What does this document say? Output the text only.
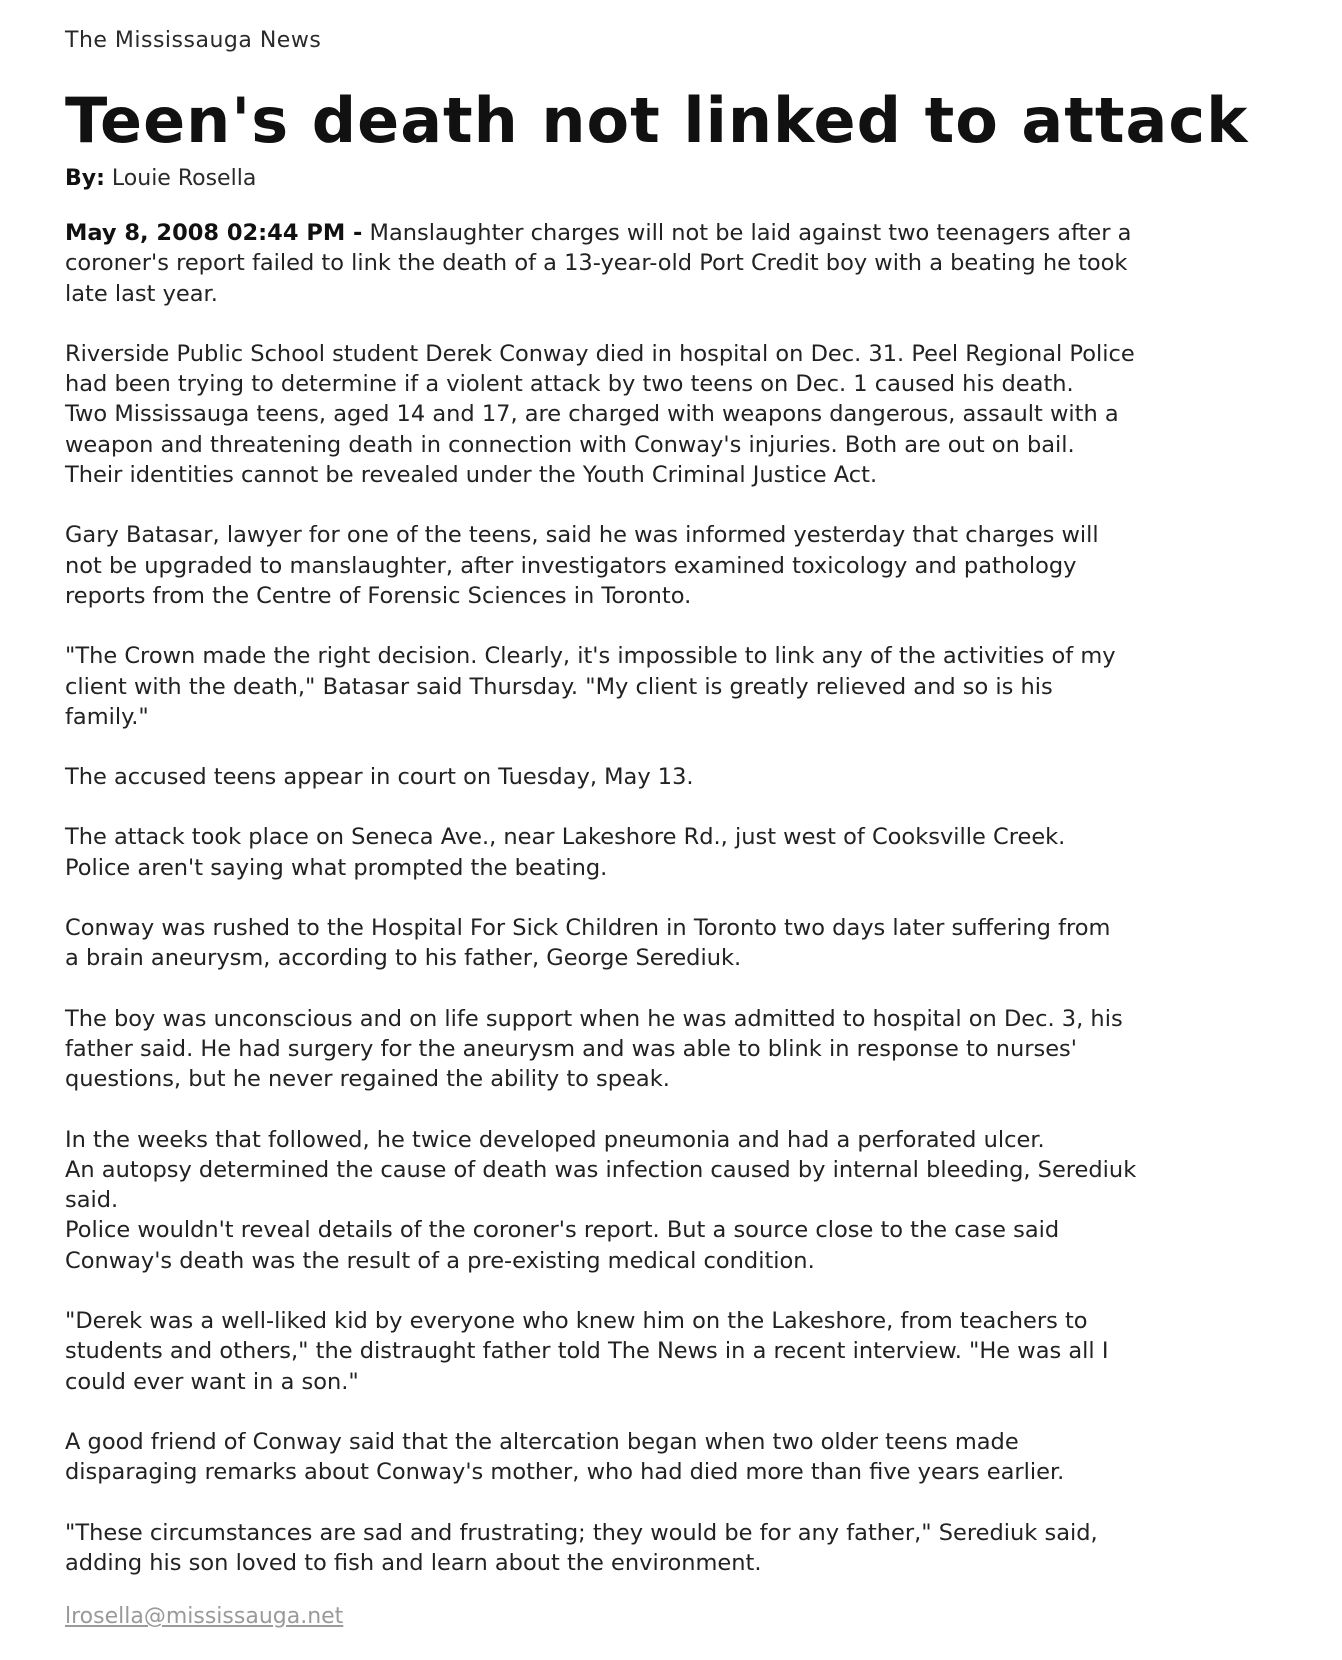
The Mississauga News

Teen's death not linked to attack

By: Louie Rosella

May 8, 2008 02:44 PM - Manslaughter charges will not be laid against two teenagers after a
coroner's report failed to link the death of a 13-year-old Port Credit boy with a beating he took
late last year.

Riverside Public School student Derek Conway died in hospital on Dec. 31. Peel Regional Police
had been trying to determine if a violent attack by two teens on Dec. 1 caused his death.
Two Mississauga teens, aged 14 and 17, are charged with weapons dangerous, assault with a
weapon and threatening death in connection with Conway's injuries. Both are out on bail.
Their identities cannot be revealed under the Youth Criminal Justice Act.

Gary Batasar, lawyer for one of the teens, said he was informed yesterday that charges will
not be upgraded to manslaughter, after investigators examined toxicology and pathology
reports from the Centre of Forensic Sciences in Toronto.

"The Crown made the right decision. Clearly, it's impossible to link any of the activities of my
client with the death," Batasar said Thursday. "My client is greatly relieved and so is his
family."

The accused teens appear in court on Tuesday, May 13.

The attack took place on Seneca Ave., near Lakeshore Rd., just west of Cooksville Creek.
Police aren't saying what prompted the beating.

Conway was rushed to the Hospital For Sick Children in Toronto two days later suffering from
a brain aneurysm, according to his father, George Serediuk.

The boy was unconscious and on life support when he was admitted to hospital on Dec. 3, his
father said. He had surgery for the aneurysm and was able to blink in response to nurses'
questions, but he never regained the ability to speak.

In the weeks that followed, he twice developed pneumonia and had a perforated ulcer.
An autopsy determined the cause of death was infection caused by internal bleeding, Serediuk
said.
Police wouldn't reveal details of the coroner's report. But a source close to the case said
Conway's death was the result of a pre-existing medical condition.

"Derek was a well-liked kid by everyone who knew him on the Lakeshore, from teachers to
students and others," the distraught father told The News in a recent interview. "He was all I
could ever want in a son."

A good friend of Conway said that the altercation began when two older teens made
disparaging remarks about Conway's mother, who had died more than five years earlier.

"These circumstances are sad and frustrating; they would be for any father," Serediuk said,
adding his son loved to fish and learn about the environment.

lrosella@mississauga.net
